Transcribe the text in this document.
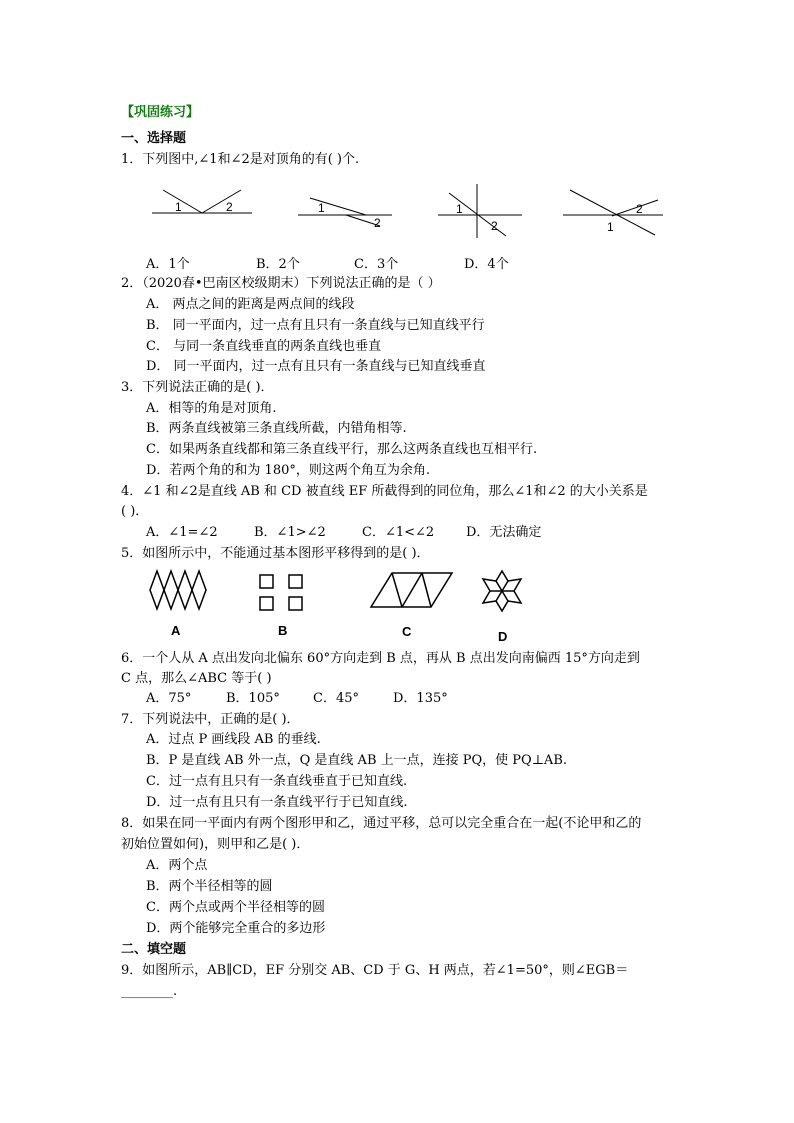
【巩固练习】
一、选择题
1．下列图中,∠1和∠2是对顶角的有( )个.
1	2	1
2
1
2
2
1
A．1个	B．2个	C．3个	D．4个
2．（2020春•巴南区校级期末）下列说法正确的是（ ）
A． 两点之间的距离是两点间的线段
B． 同一平面内，过一点有且只有一条直线与已知直线平行
C． 与同一条直线垂直的两条直线也垂直
D． 同一平面内，过一点有且只有一条直线与已知直线垂直
3．下列说法正确的是( )．
A．相等的角是对顶角.
B．两条直线被第三条直线所截，内错角相等.
C．如果两条直线都和第三条直线平行，那么这两条直线也互相平行.
D．若两个角的和为 180°，则这两个角互为余角.
4．∠1 和∠2是直线 AB 和 CD 被直线 EF 所截得到的同位角，那么∠1和∠2 的大小关系是
( )．
A．∠1=∠2	B．∠1>∠2	C．∠1<∠2 D．无法确定
5．如图所示中，不能通过基本图形平移得到的是( )．
A	B	C	D
6．一个人从 A 点出发向北偏东 60°方向走到 B 点，再从 B 点出发向南偏西 15°方向走到
C 点，那么∠ABC 等于( )
A．75°	B．105°	C．45°	D．135°
7．下列说法中，正确的是( )．
A．过点 P 画线段 AB 的垂线.
B．P 是直线 AB 外一点，Q 是直线 AB 上一点，连接 PQ，使 PQ⊥AB.
C．过一点有且只有一条直线垂直于已知直线.
D．过一点有且只有一条直线平行于已知直线.
8．如果在同一平面内有两个图形甲和乙，通过平移，总可以完全重合在一起(不论甲和乙的
初始位置如何)，则甲和乙是( )．
A．两个点
B．两个半径相等的圆
C．两个点或两个半径相等的圆
D．两个能够完全重合的多边形
二、填空题
9．如图所示，AB∥CD，EF 分别交 AB、CD 于 G、H 两点，若∠1=50°，则∠EGB＝
________.
